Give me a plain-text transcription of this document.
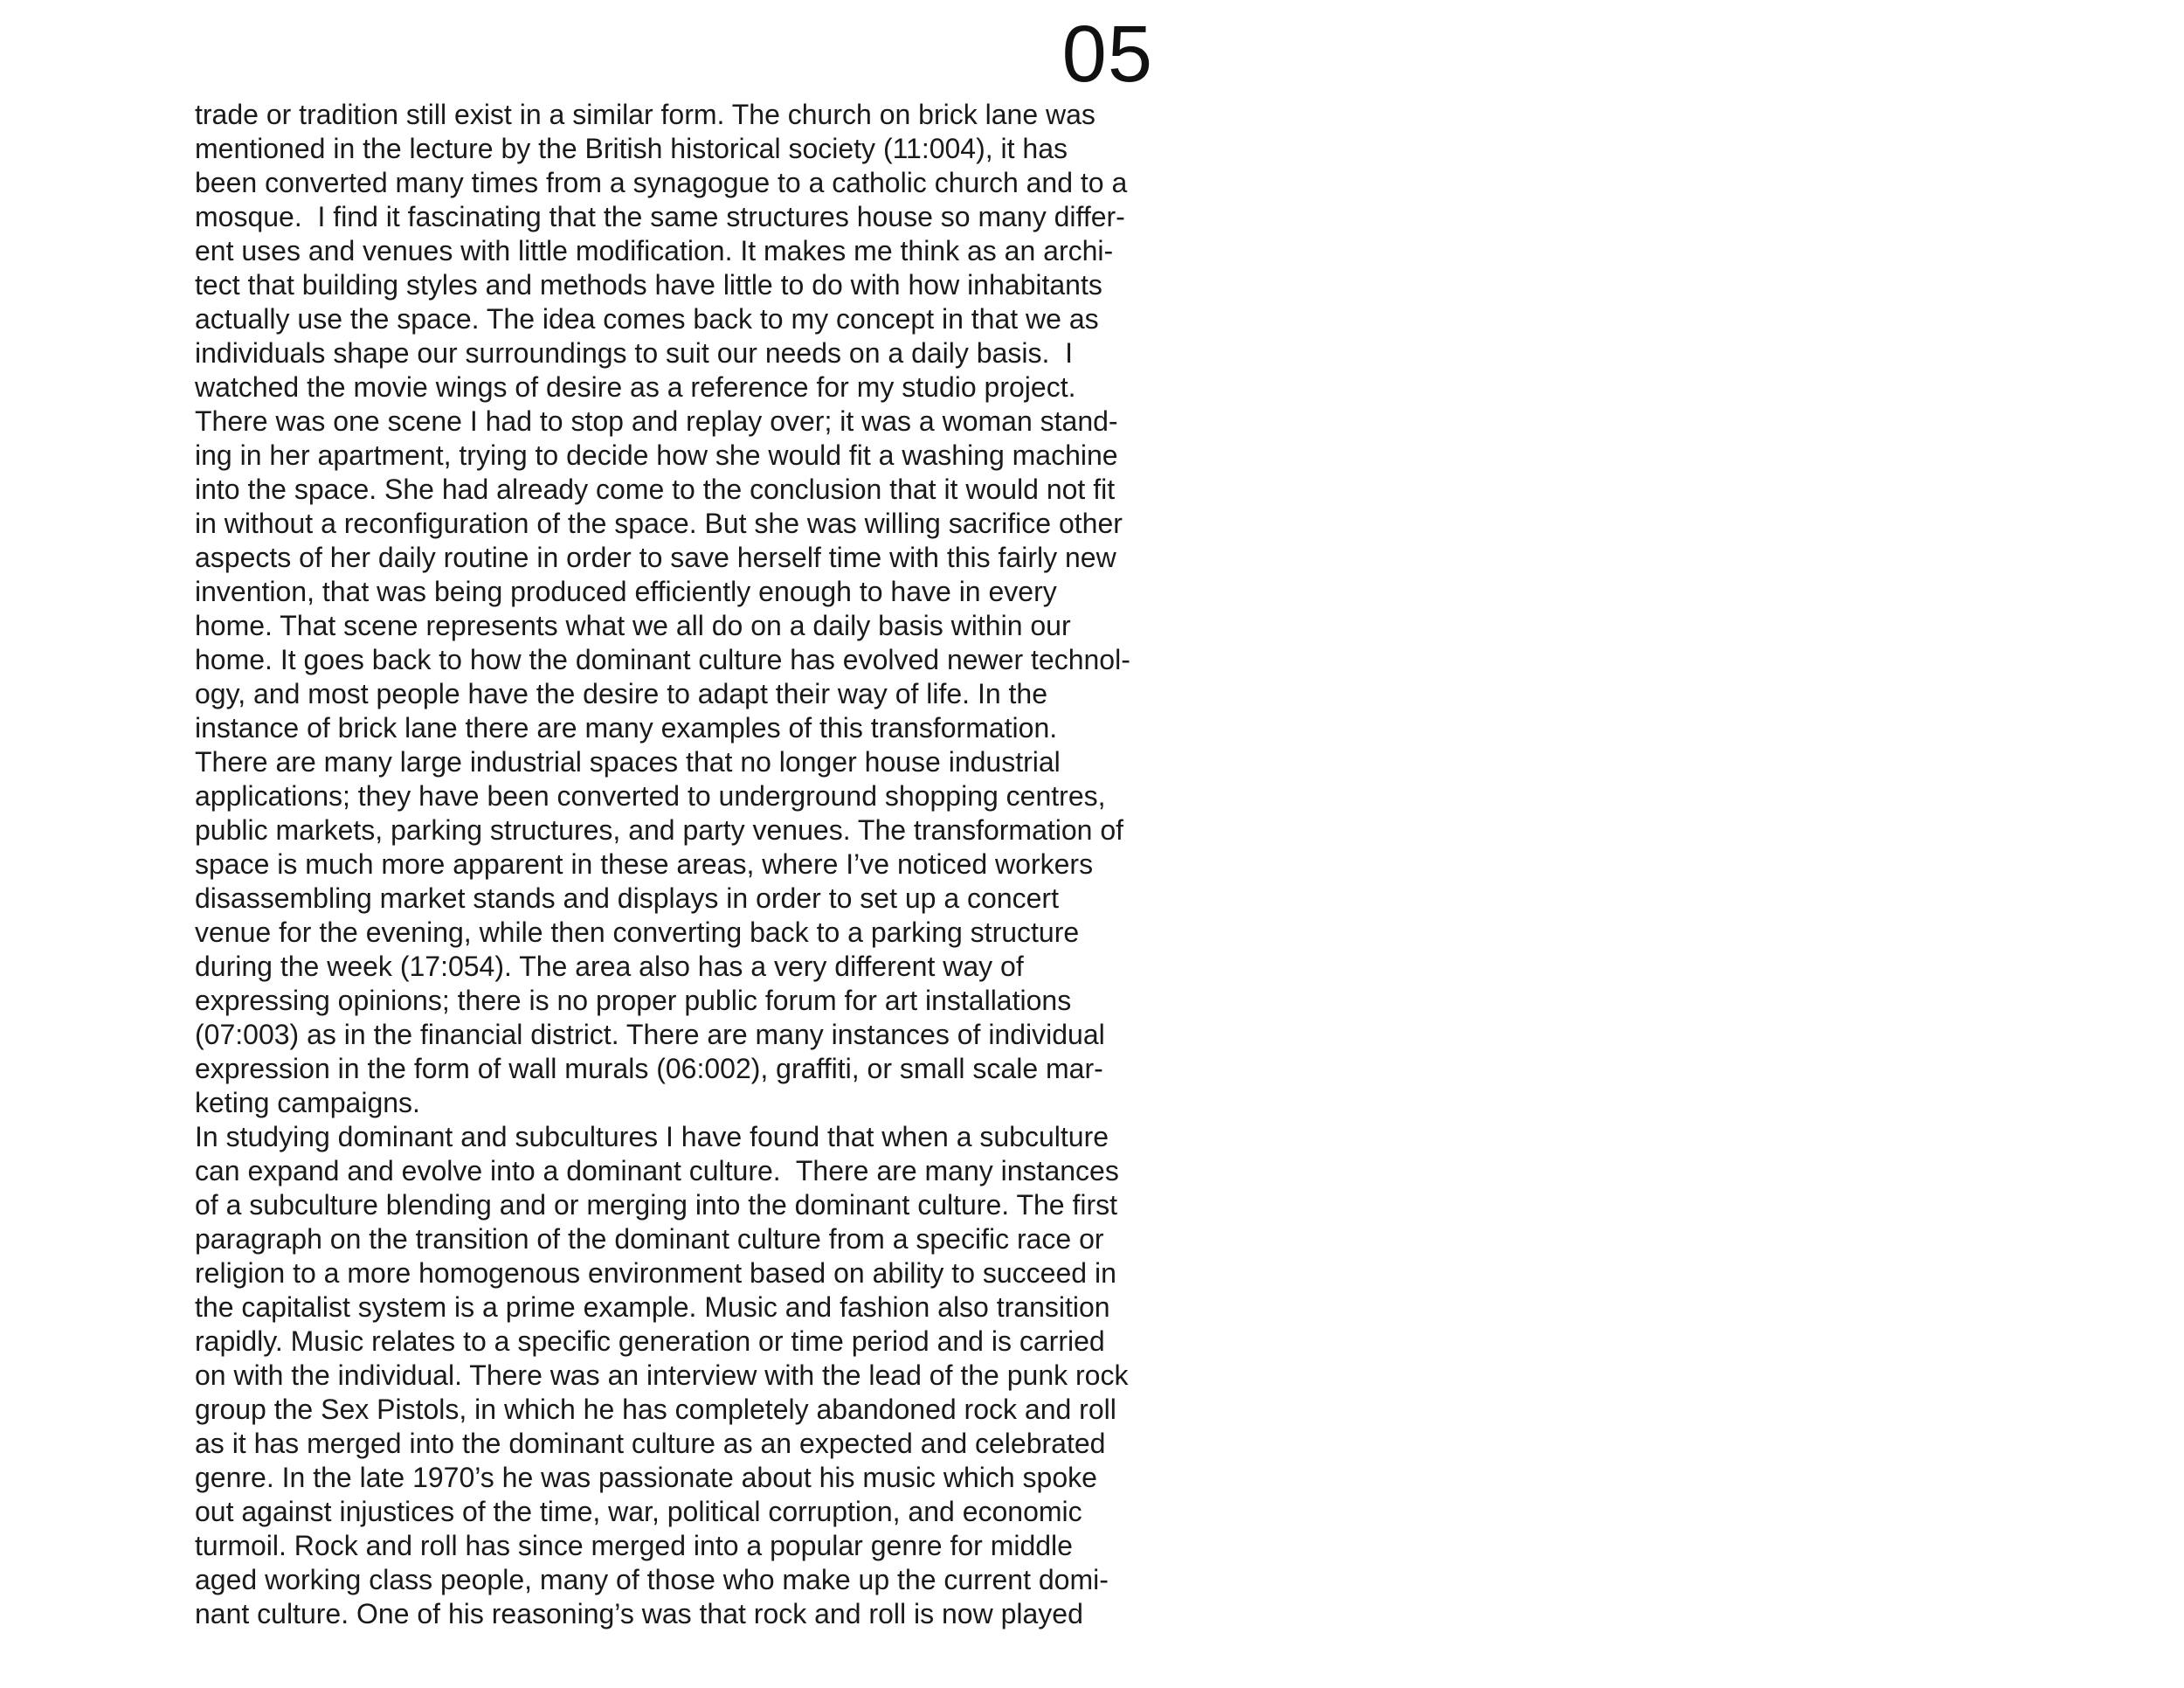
05
trade or tradition still exist in a similar form. The church on brick lane was
mentioned in the lecture by the British historical society (11:004), it has
been converted many times from a synagogue to a catholic church and to a
mosque.  I find it fascinating that the same structures house so many differ-
ent uses and venues with little modification. It makes me think as an archi-
tect that building styles and methods have little to do with how inhabitants
actually use the space. The idea comes back to my concept in that we as
individuals shape our surroundings to suit our needs on a daily basis.  I
watched the movie wings of desire as a reference for my studio project.
There was one scene I had to stop and replay over; it was a woman stand-
ing in her apartment, trying to decide how she would fit a washing machine
into the space. She had already come to the conclusion that it would not fit
in without a reconfiguration of the space. But she was willing sacrifice other
aspects of her daily routine in order to save herself time with this fairly new
invention, that was being produced efficiently enough to have in every
home. That scene represents what we all do on a daily basis within our
home. It goes back to how the dominant culture has evolved newer technol-
ogy, and most people have the desire to adapt their way of life. In the
instance of brick lane there are many examples of this transformation.
There are many large industrial spaces that no longer house industrial
applications; they have been converted to underground shopping centres,
public markets, parking structures, and party venues. The transformation of
space is much more apparent in these areas, where I’ve noticed workers
disassembling market stands and displays in order to set up a concert
venue for the evening, while then converting back to a parking structure
during the week (17:054). The area also has a very different way of
expressing opinions; there is no proper public forum for art installations
(07:003) as in the financial district. There are many instances of individual
expression in the form of wall murals (06:002), graffiti, or small scale mar-
keting campaigns.
In studying dominant and subcultures I have found that when a subculture
can expand and evolve into a dominant culture.  There are many instances
of a subculture blending and or merging into the dominant culture. The first
paragraph on the transition of the dominant culture from a specific race or
religion to a more homogenous environment based on ability to succeed in
the capitalist system is a prime example. Music and fashion also transition
rapidly. Music relates to a specific generation or time period and is carried
on with the individual. There was an interview with the lead of the punk rock
group the Sex Pistols, in which he has completely abandoned rock and roll
as it has merged into the dominant culture as an expected and celebrated
genre. In the late 1970’s he was passionate about his music which spoke
out against injustices of the time, war, political corruption, and economic
turmoil. Rock and roll has since merged into a popular genre for middle
aged working class people, many of those who make up the current domi-
nant culture. One of his reasoning’s was that rock and roll is now played
